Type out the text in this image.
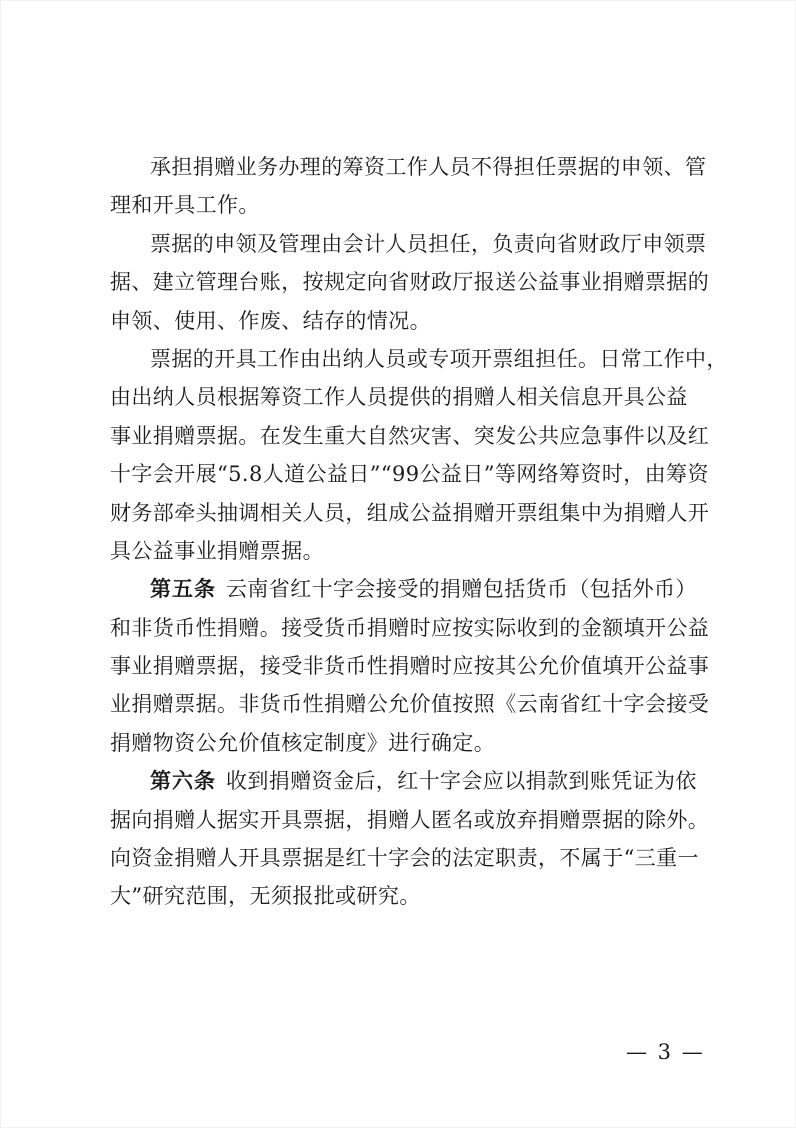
承担捐赠业务办理的筹资工作人员不得担任票据的申领、管
理和开具工作。

票据的申领及管理由会计人员担任，负责向省财政厅申领票
据、建立管理台账，按规定向省财政厅报送公益事业捐赠票据的
申领、使用、作废、结存的情况。

票据的开具工作由出纳人员或专项开票组担任。日常工作中，
由出纳人员根据筹资工作人员提供的捐赠人相关信息开具公益
事业捐赠票据。在发生重大自然灾害、突发公共应急事件以及红
十字会开展“5.8人道公益日”“99公益日”等网络筹资时，由筹资
财务部牵头抽调相关人员，组成公益捐赠开票组集中为捐赠人开
具公益事业捐赠票据。

第五条 云南省红十字会接受的捐赠包括货币（包括外币）
和非货币性捐赠。接受货币捐赠时应按实际收到的金额填开公益
事业捐赠票据，接受非货币性捐赠时应按其公允价值填开公益事
业捐赠票据。非货币性捐赠公允价值按照《云南省红十字会接受
捐赠物资公允价值核定制度》进行确定。

第六条 收到捐赠资金后，红十字会应以捐款到账凭证为依
据向捐赠人据实开具票据，捐赠人匿名或放弃捐赠票据的除外。
向资金捐赠人开具票据是红十字会的法定职责，不属于“三重一
大”研究范围，无须报批或研究。

— 3 —
